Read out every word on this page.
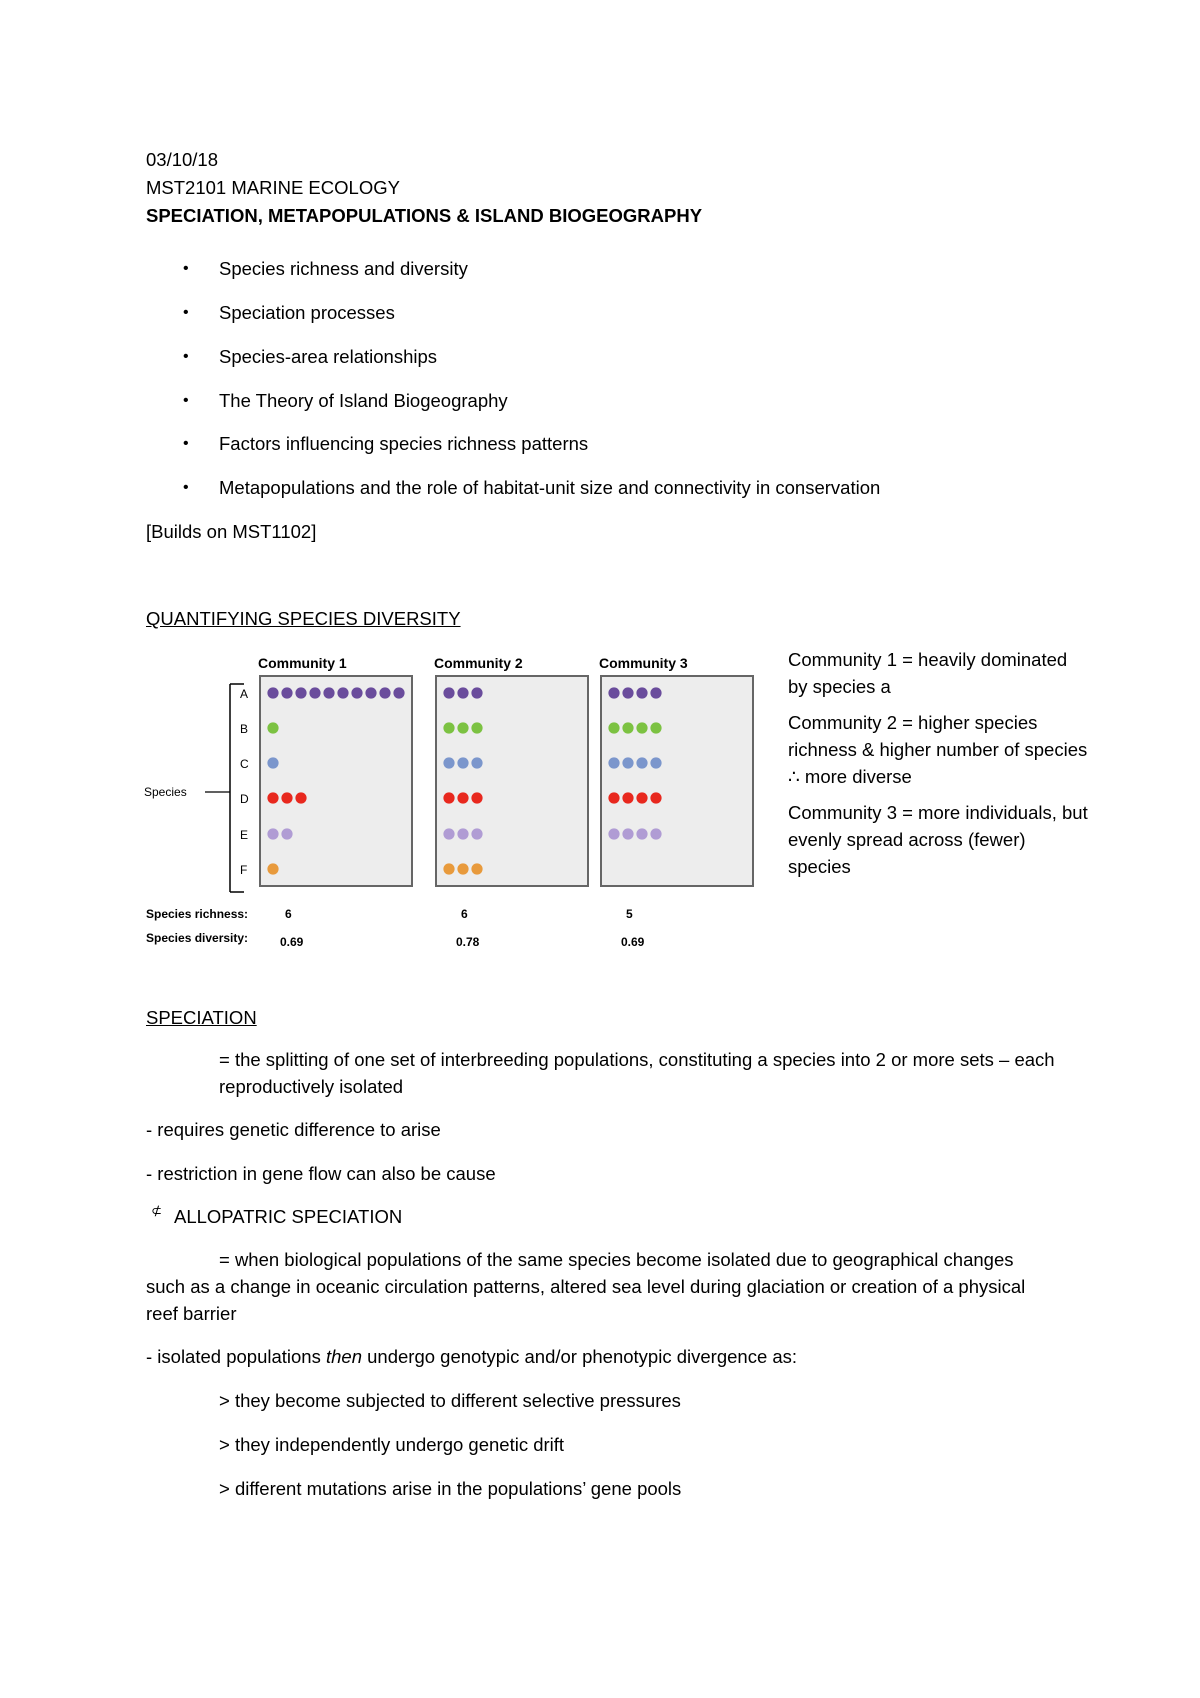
03/10/18
MST2101 MARINE ECOLOGY
SPECIATION, METAPOPULATIONS & ISLAND BIOGEOGRAPHY
• Species richness and diversity
• Speciation processes
• Species-area relationships
• The Theory of Island Biogeography
• Factors influencing species richness patterns
• Metapopulations and the role of habitat-unit size and connectivity in conservation
[Builds on MST1102]
QUANTIFYING SPECIES DIVERSITY
Species
A
B
C
D
E
F
Community 1
6
0.69
Community 2
6
0.78
Community 3
5
0.69
Species richness:
Species diversity:

Community 1 = heavily dominated by species a

Community 2 = higher species richness & higher number of species ∴ more diverse

Community 3 = more individuals, but evenly spread across (fewer) species

SPECIATION
= the splitting of one set of interbreeding populations, constituting a species into 2 or more sets – each reproductively isolated
- requires genetic difference to arise
- restriction in gene flow can also be cause
⊄ ALLOPATRIC SPECIATION
= when biological populations of the same species become isolated due to geographical changes such as a change in oceanic circulation patterns, altered sea level during glaciation or creation of a physical reef barrier
- isolated populations then undergo genotypic and/or phenotypic divergence as:
> they become subjected to different selective pressures
> they independently undergo genetic drift
> different mutations arise in the populations’ gene pools
